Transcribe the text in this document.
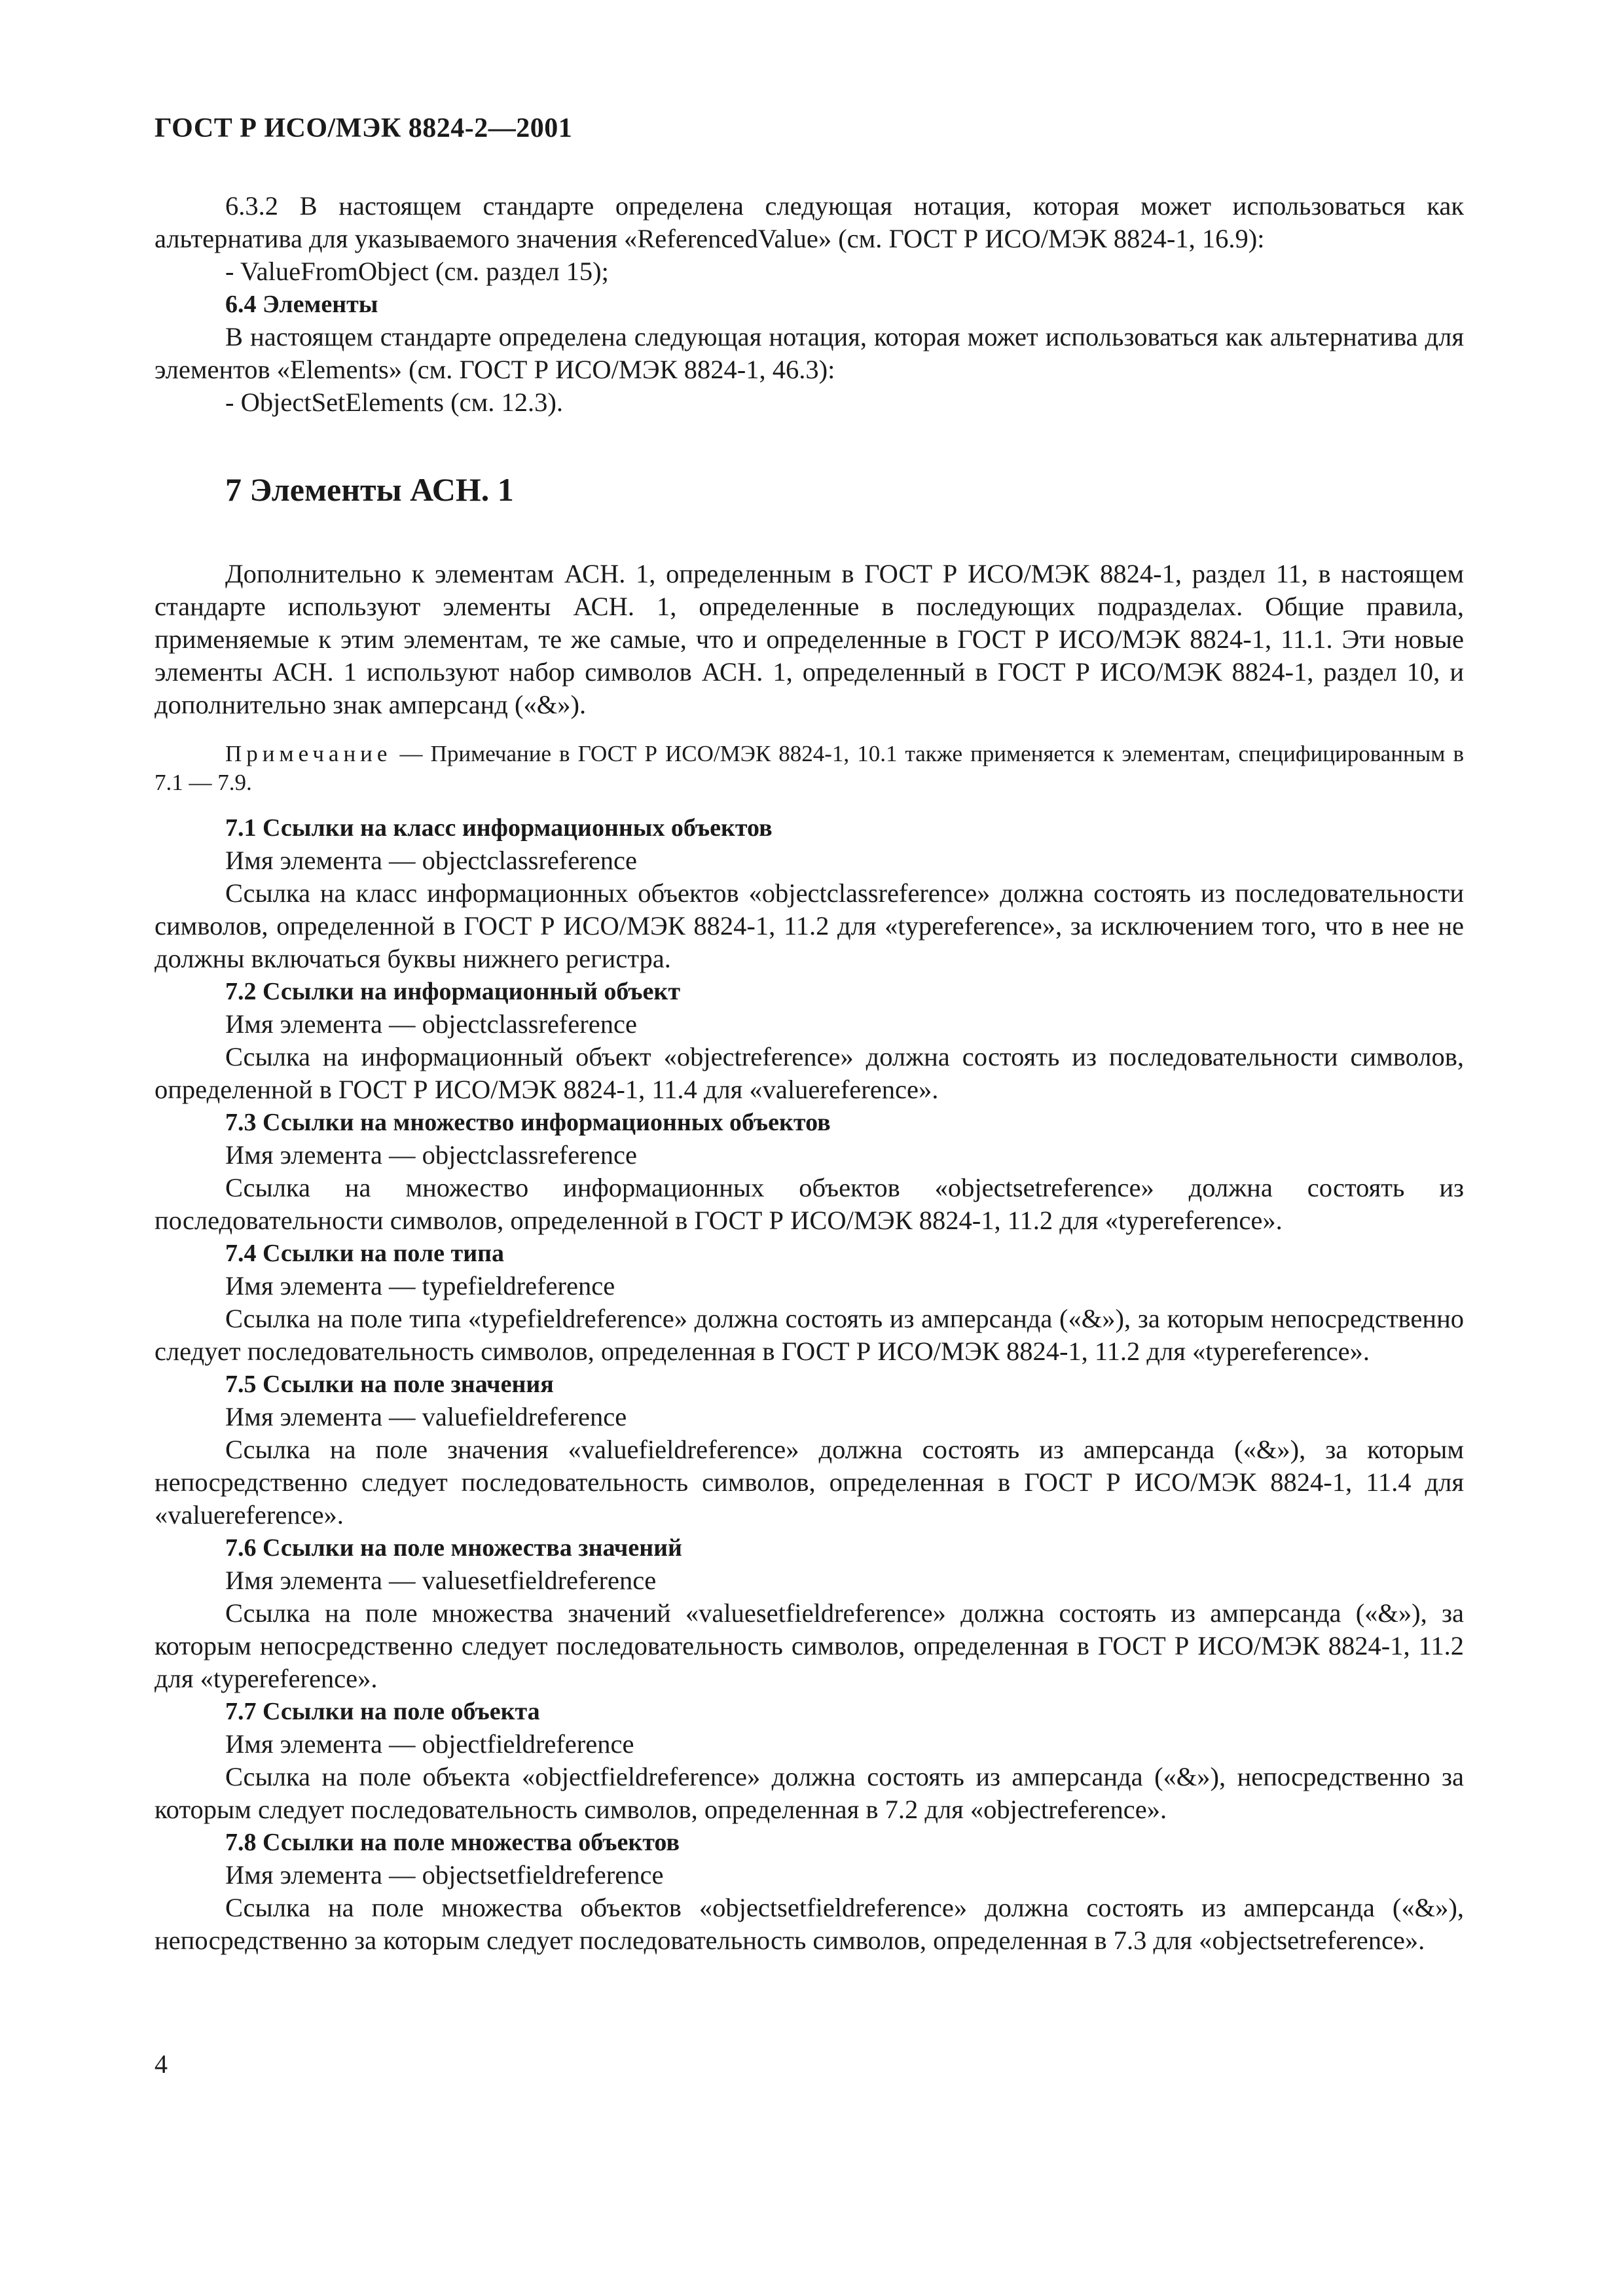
ГОСТ Р ИСО/МЭК 8824-2—2001

6.3.2 В настоящем стандарте определена следующая нотация, которая может использоваться как альтернатива для указываемого значения «ReferencedValue» (см. ГОСТ Р ИСО/МЭК 8824-1, 16.9):

- ValueFromObject (см. раздел 15);

6.4 Элементы

В настоящем стандарте определена следующая нотация, которая может использоваться как альтернатива для элементов «Elements» (см. ГОСТ Р ИСО/МЭК 8824-1, 46.3):

- ObjectSetElements (см. 12.3).

7 Элементы АСН. 1

Дополнительно к элементам АСН. 1, определенным в ГОСТ Р ИСО/МЭК 8824-1, раздел 11, в настоящем стандарте используют элементы АСН. 1, определенные в последующих подразделах. Общие правила, применяемые к этим элементам, те же самые, что и определенные в ГОСТ Р ИСО/МЭК 8824-1, 11.1. Эти новые элементы АСН. 1 используют набор символов АСН. 1, определенный в ГОСТ Р ИСО/МЭК 8824-1, раздел 10, и дополнительно знак амперсанд («&»).

Примечание — Примечание в ГОСТ Р ИСО/МЭК 8824-1, 10.1 также применяется к элементам, специфицированным в 7.1 — 7.9.

7.1 Ссылки на класс информационных объектов

Имя элемента — objectclassreference

Ссылка на класс информационных объектов «objectclassreference» должна состоять из последовательности символов, определенной в ГОСТ Р ИСО/МЭК 8824-1, 11.2 для «typereference», за исключением того, что в нее не должны включаться буквы нижнего регистра.

7.2 Ссылки на информационный объект

Имя элемента — objectclassreference

Ссылка на информационный объект «objectreference» должна состоять из последовательности символов, определенной в ГОСТ Р ИСО/МЭК 8824-1, 11.4 для «valuereference».

7.3 Ссылки на множество информационных объектов

Имя элемента — objectclassreference

Ссылка на множество информационных объектов «objectsetreference» должна состоять из последовательности символов, определенной в ГОСТ Р ИСО/МЭК 8824-1, 11.2 для «typereference».

7.4 Ссылки на поле типа

Имя элемента — typefieldreference

Ссылка на поле типа «typefieldreference» должна состоять из амперсанда («&»), за которым непосредственно следует последовательность символов, определенная в ГОСТ Р ИСО/МЭК 8824-1, 11.2 для «typereference».

7.5 Ссылки на поле значения

Имя элемента — valuefieldreference

Ссылка на поле значения «valuefieldreference» должна состоять из амперсанда («&»), за которым непосредственно следует последовательность символов, определенная в ГОСТ Р ИСО/МЭК 8824-1, 11.4 для «valuereference».

7.6 Ссылки на поле множества значений

Имя элемента — valuesetfieldreference

Ссылка на поле множества значений «valuesetfieldreference» должна состоять из амперсанда («&»), за которым непосредственно следует последовательность символов, определенная в ГОСТ Р ИСО/МЭК 8824-1, 11.2 для «typereference».

7.7 Ссылки на поле объекта

Имя элемента — objectfieldreference

Ссылка на поле объекта «objectfieldreference» должна состоять из амперсанда («&»), непосредственно за которым следует последовательность символов, определенная в 7.2 для «objectreference».

7.8 Ссылки на поле множества объектов

Имя элемента — objectsetfieldreference

Ссылка на поле множества объектов «objectsetfieldreference» должна состоять из амперсанда («&»), непосредственно за которым следует последовательность символов, определенная в 7.3 для «objectsetreference».

4
